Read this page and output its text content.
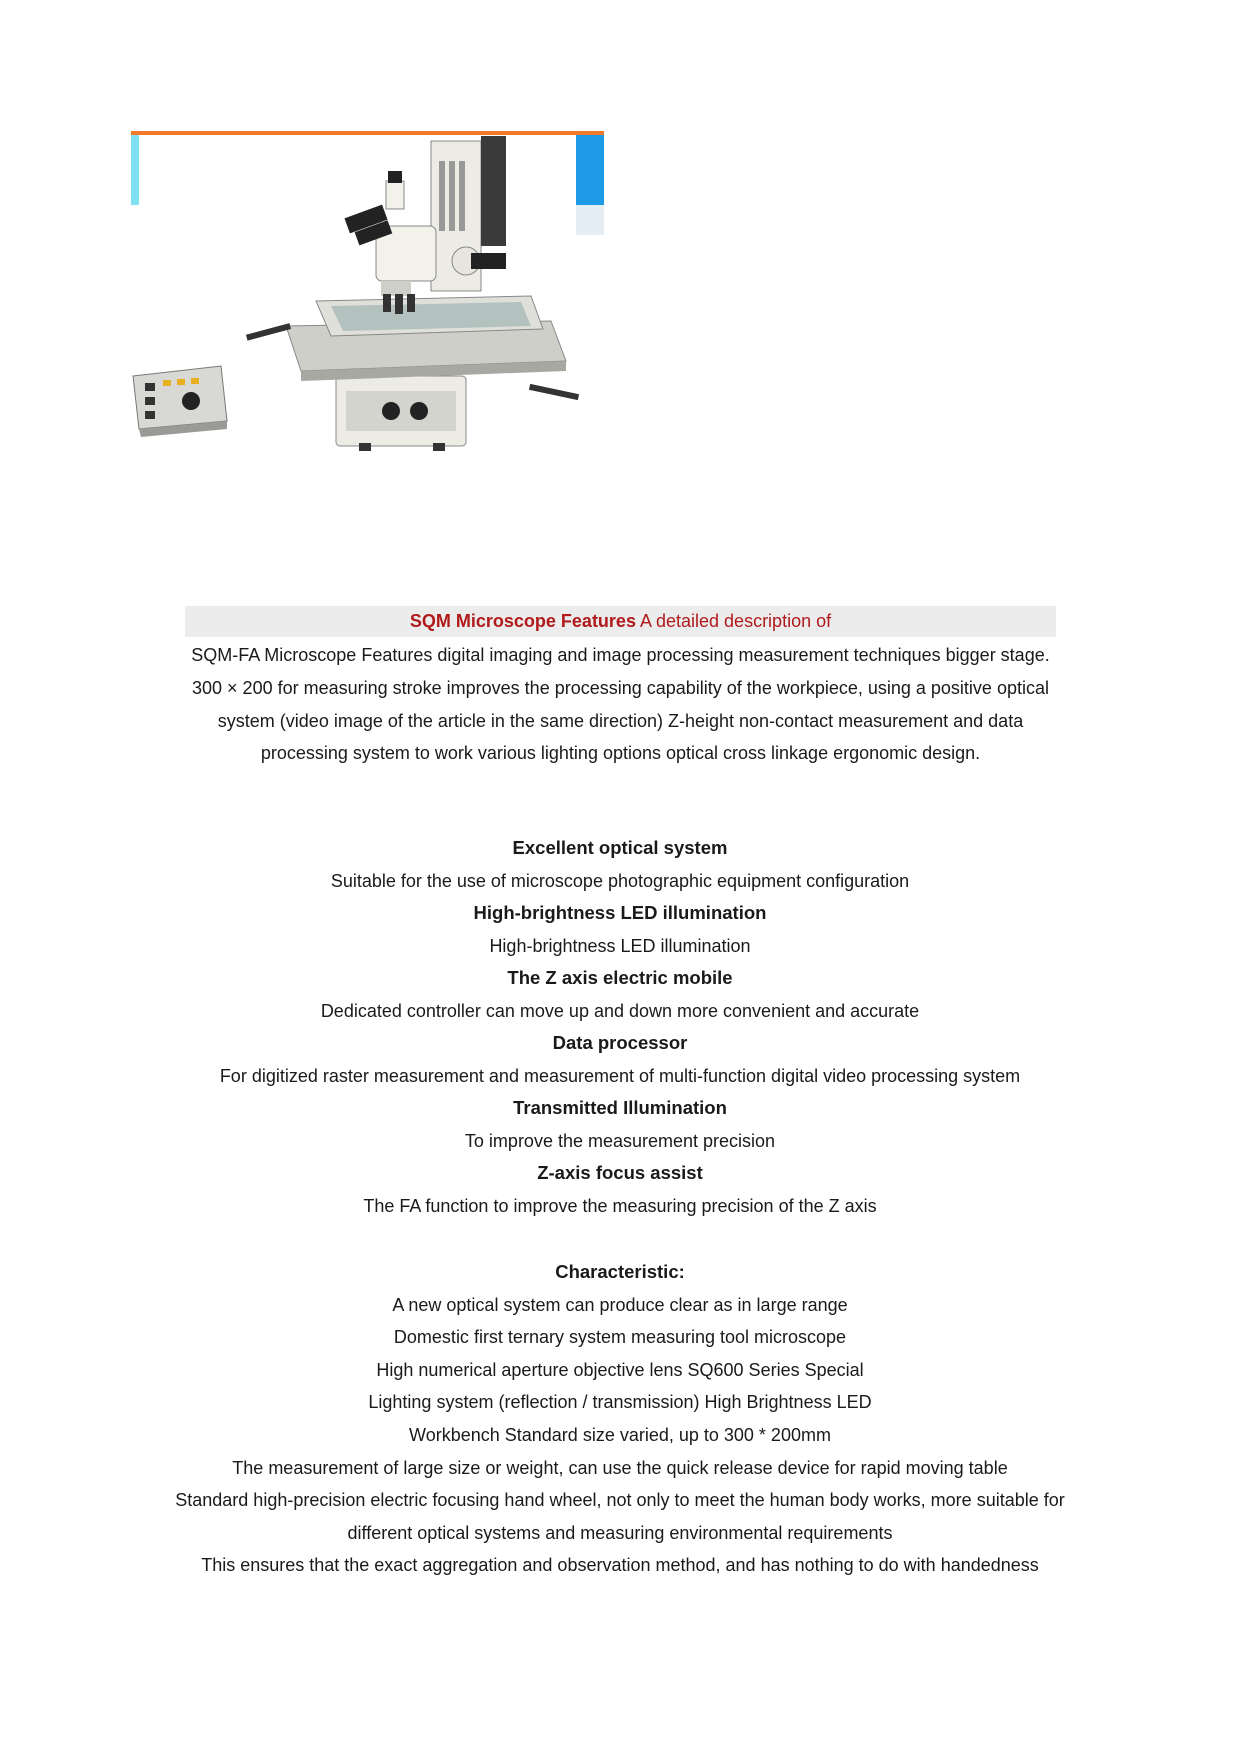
SQM Microscope Features A detailed description of

SQM-FA Microscope Features digital imaging and image processing measurement techniques bigger stage. 300 × 200 for measuring stroke improves the processing capability of the workpiece, using a positive optical system (video image of the article in the same direction) Z-height non-contact measurement and data processing system to work various lighting options optical cross linkage ergonomic design.

Excellent optical system

Suitable for the use of microscope photographic equipment configuration

High-brightness LED illumination

High-brightness LED illumination

The Z axis electric mobile

Dedicated controller can move up and down more convenient and accurate

Data processor

For digitized raster measurement and measurement of multi-function digital video processing system

Transmitted Illumination

To improve the measurement precision

Z-axis focus assist

The FA function to improve the measuring precision of the Z axis

Characteristic:

A new optical system can produce clear as in large range

Domestic first ternary system measuring tool microscope

High numerical aperture objective lens SQ600 Series Special

Lighting system (reflection / transmission) High Brightness LED

Workbench Standard size varied, up to 300 * 200mm

The measurement of large size or weight, can use the quick release device for rapid moving table

Standard high-precision electric focusing hand wheel, not only to meet the human body works, more suitable for different optical systems and measuring environmental requirements

This ensures that the exact aggregation and observation method, and has nothing to do with handedness
